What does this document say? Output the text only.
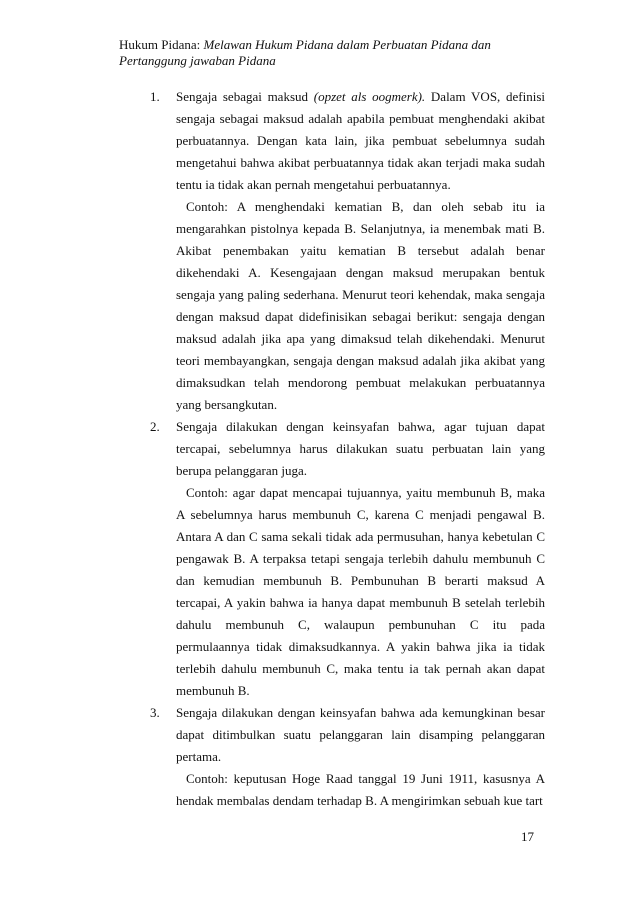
Hukum Pidana: Melawan Hukum Pidana dalam Perbuatan Pidana dan
Pertanggung jawaban Pidana
1. Sengaja sebagai maksud (opzet als oogmerk). Dalam VOS, definisi sengaja sebagai maksud adalah apabila pembuat menghendaki akibat perbuatannya. Dengan kata lain, jika pembuat sebelumnya sudah mengetahui bahwa akibat perbuatannya tidak akan terjadi maka sudah tentu ia tidak akan pernah mengetahui perbuatannya.

Contoh: A menghendaki kematian B, dan oleh sebab itu ia mengarahkan pistolnya kepada B. Selanjutnya, ia menembak mati B. Akibat penembakan yaitu kematian B tersebut adalah benar dikehendaki A. Kesengajaan dengan maksud merupakan bentuk sengaja yang paling sederhana. Menurut teori kehendak, maka sengaja dengan maksud dapat didefinisikan sebagai berikut: sengaja dengan maksud adalah jika apa yang dimaksud telah dikehendaki. Menurut teori membayangkan, sengaja dengan maksud adalah jika akibat yang dimaksudkan telah mendorong pembuat melakukan perbuatannya yang bersangkutan.

2. Sengaja dilakukan dengan keinsyafan bahwa, agar tujuan dapat tercapai, sebelumnya harus dilakukan suatu perbuatan lain yang berupa pelanggaran juga.

Contoh: agar dapat mencapai tujuannya, yaitu membunuh B, maka A sebelumnya harus membunuh C, karena C menjadi pengawal B. Antara A dan C sama sekali tidak ada permusuhan, hanya kebetulan C pengawak B. A terpaksa tetapi sengaja terlebih dahulu membunuh C dan kemudian membunuh B. Pembunuhan B berarti maksud A tercapai, A yakin bahwa ia hanya dapat membunuh B setelah terlebih dahulu membunuh C, walaupun pembunuhan C itu pada permulaannya tidak dimaksudkannya. A yakin bahwa jika ia tidak terlebih dahulu membunuh C, maka tentu ia tak pernah akan dapat membunuh B.

3. Sengaja dilakukan dengan keinsyafan bahwa ada kemungkinan besar dapat ditimbulkan suatu pelanggaran lain disamping pelanggaran pertama.

Contoh: keputusan Hoge Raad tanggal 19 Juni 1911, kasusnya A hendak membalas dendam terhadap B. A mengirimkan sebuah kue tart

17
